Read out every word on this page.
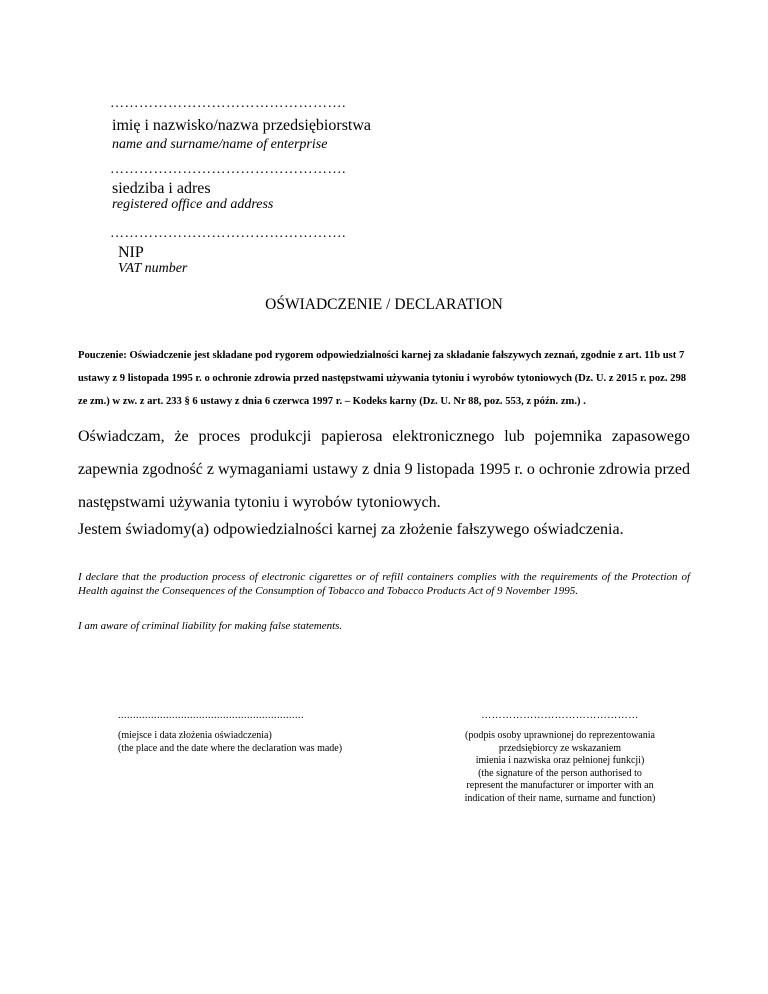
………………………………………….
imię i nazwisko/nazwa przedsiębiorstwa
name and surname/name of enterprise
………………………………………….
siedziba i adres
registered office and address
………………………………………….
NIP
VAT number
OŚWIADCZENIE / DECLARATION
Pouczenie: Oświadczenie jest składane pod rygorem odpowiedzialności karnej za składanie fałszywych zeznań, zgodnie z art. 11b ust 7 ustawy z 9 listopada 1995 r. o ochronie zdrowia przed następstwami używania tytoniu i wyrobów tytoniowych (Dz. U. z 2015 r. poz. 298 ze zm.) w zw. z art. 233 § 6 ustawy z dnia 6 czerwca 1997 r. – Kodeks karny (Dz. U. Nr 88, poz. 553, z późn. zm.) .
Oświadczam, że proces produkcji papierosa elektronicznego lub pojemnika zapasowego zapewnia zgodność z wymaganiami ustawy z dnia 9 listopada 1995 r. o ochronie zdrowia przed następstwami używania tytoniu i wyrobów tytoniowych.
Jestem świadomy(a) odpowiedzialności karnej za złożenie fałszywego oświadczenia.
I declare that the production process of electronic cigarettes or of refill containers complies with the requirements of the Protection of Health against the Consequences of the Consumption of Tobacco and Tobacco Products Act of 9 November 1995.
I am aware of criminal liability for making false statements.
..............................................................
(miejsce i data złożenia oświadczenia)
(the place and the date where the declaration was made)
………………………………………
(podpis osoby uprawnionej do reprezentowania
przedsiębiorcy ze wskazaniem
imienia i nazwiska oraz pełnionej funkcji)
(the signature of the person authorised to
represent the manufacturer or importer with an
indication of their name, surname and function)
